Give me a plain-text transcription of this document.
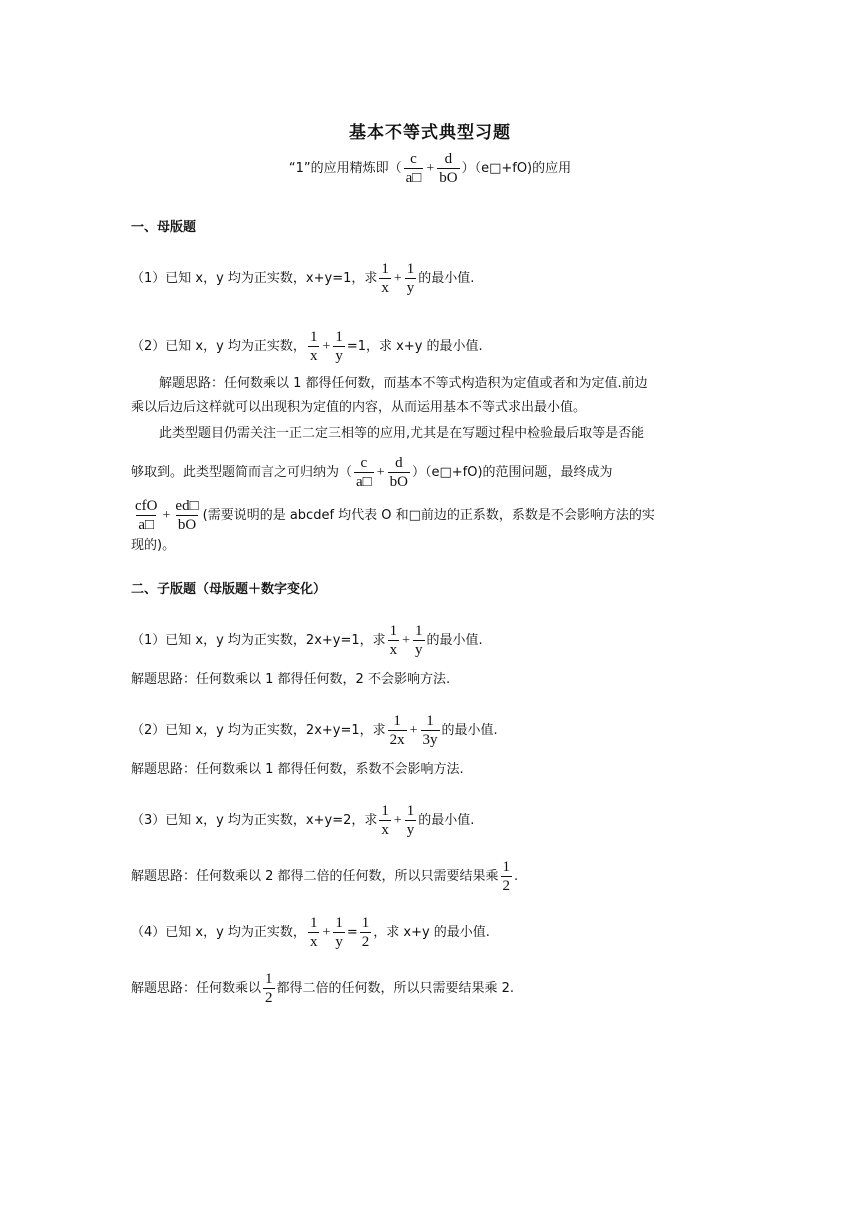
基本不等式典型习题
“1”的应用精炼即（ $\frac{c}{a□} + \frac{d}{bO}$ ）（e□+fO)的应用
一、母版题
（1）已知 x，y 均为正实数，x+y=1，求 $\frac{1}{x} + \frac{1}{y}$ 的最小值.
（2）已知 x，y 均为正实数， $\frac{1}{x} + \frac{1}{y} =1$，求 x+y 的最小值.
解题思路：任何数乘以 1 都得任何数，而基本不等式构造积为定值或者和为定值.前边
乘以后边后这样就可以出现积为定值的内容，从而运用基本不等式求出最小值。
此类型题目仍需关注一正二定三相等的应用,尤其是在写题过程中检验最后取等是否能
够取到。此类型题简而言之可归纳为（ $\frac{c}{a□} + \frac{d}{bO}$ ）（e□+fO)的范围问题，最终成为
$\frac{\text{cfO}}{a□} + \frac{ed□}{bO}$ (需要说明的是 abcdef 均代表 O 和□前边的正系数，系数是不会影响方法的实
现的)。
二、子版题（母版题＋数字变化）
（1）已知 x，y 均为正实数，2x+y=1，求 $\frac{1}{x} + \frac{1}{y}$ 的最小值.
解题思路：任何数乘以 1 都得任何数，2 不会影响方法.
（2）已知 x，y 均为正实数，2x+y=1，求 $\frac{1}{2x} + \frac{1}{3y}$ 的最小值.
解题思路：任何数乘以 1 都得任何数，系数不会影响方法.
（3）已知 x，y 均为正实数，x+y=2，求 $\frac{1}{x} + \frac{1}{y}$ 的最小值.
解题思路：任何数乘以 2 都得二倍的任何数，所以只需要结果乘 $\frac{1}{2}$ .
（4）已知 x，y 均为正实数， $\frac{1}{x} + \frac{1}{y} = \frac{1}{2}$ ，求 x+y 的最小值.
解题思路：任何数乘以 $\frac{1}{2}$ 都得二倍的任何数，所以只需要结果乘 2.
